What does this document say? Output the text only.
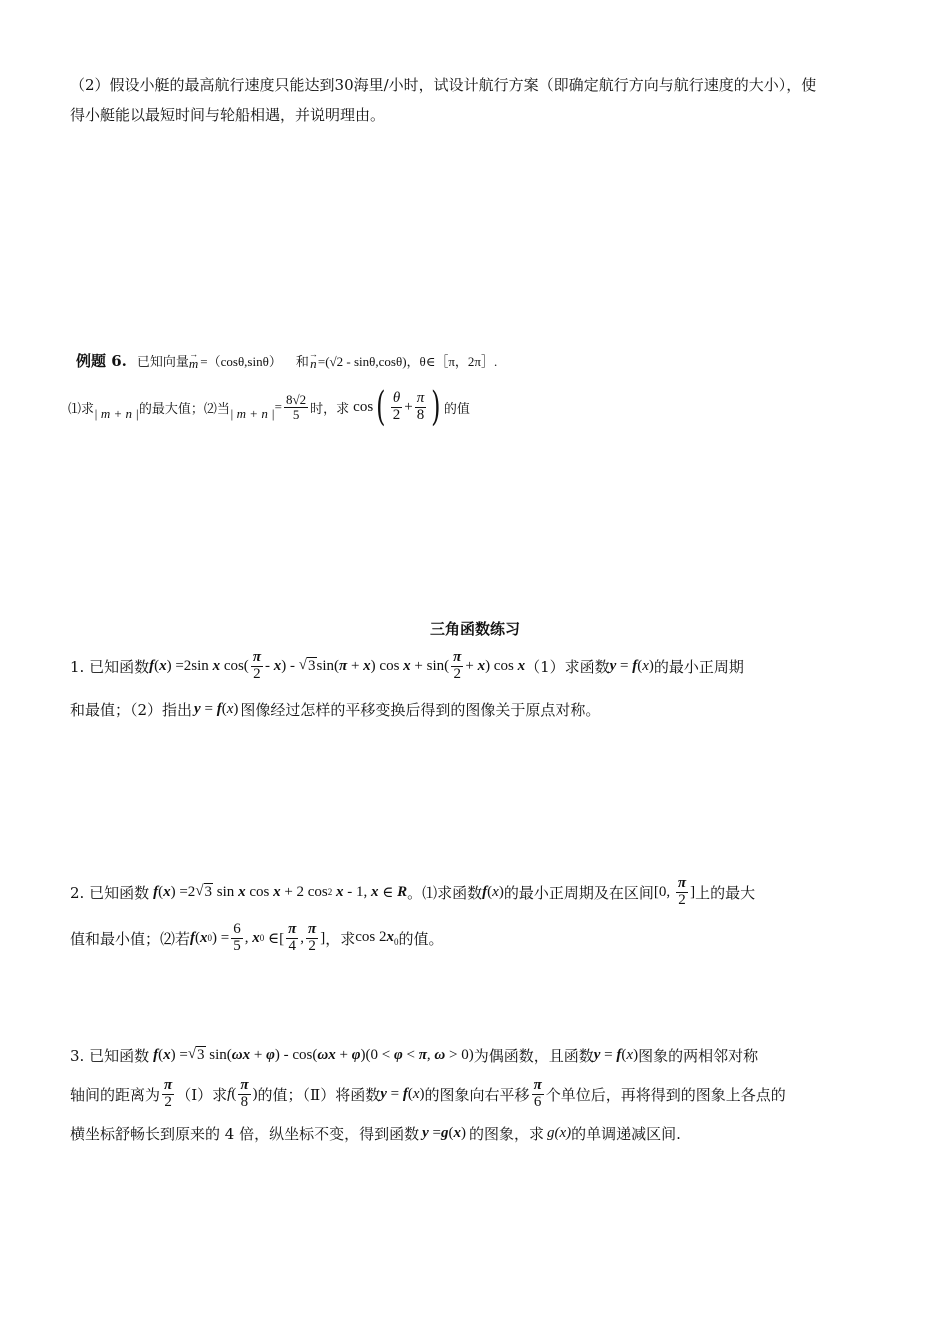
（2）假设小艇的最高航行速度只能达到30海里/小时，试设计航行方案（即确定航行方向与航行速度的大小），使
得小艇能以最短时间与轮船相遇，并说明理由。
例题 6. 已知向量
→
m =（cosθ,sinθ） 和
→
n =(√2 - sinθ,cosθ)，θ∈［π，2π］.
⑴求 | m + n | 的最大值；⑵当 | m + n | = $\frac{8√2}{5}$ 时，求 cos ( $\frac{\theta}{2} + \frac{\pi}{8}$ ) 的值
三角函数练习
1. 已知函数 f ( x ) =2sin x $\cos( \frac{\pi}{2}$ - x ) - √ 3 sin( π + x ) $\cos x + \sin( \frac{\pi}{2} + x$ ) cos x （1）求函数 y = f(x) 的最小正周期
和最值；（2）指出 y = f(x) 图像经过怎样的平移变换后得到的图像关于原点对称。
2. 已知函数 f ( x ) =2 √ 3 sin x cos x + 2 cos 2
x - 1, x ∈ R 。⑴求函数 f(x) 的最小正周期及在区间 [0, $\frac{\pi}{2}$ ] 上的最大
值和最小值；⑵若 f ( x 0 ) = $\frac{6}{5}$ , x 0 ∈[ $\frac{\pi}{4}$ , $\frac{\pi}{2}$ ] ，求 $\cos 2x_0$ 的值。
3. 已知函数 f ( x ) = √ 3 sin( ωx + φ ) - cos( ωx + φ )(0 < φ < π , ω > 0) 为偶函数，且函数 y = f(x) 图象的两相邻对称
轴间的距离为 $\frac{\pi}{2}$ （Ⅰ）求 f ( $\frac{\pi}{8}$ ) 的值；（Ⅱ）将函数 y = f(x) 的图象向右平移 $\frac{\pi}{6}$ 个单位后，再将得到的图象上各点的
横坐标舒畅长到原来的 4 倍，纵坐标不变，得到函数 y =g(x) 的图象，求 g(x) 的单调递减区间.
